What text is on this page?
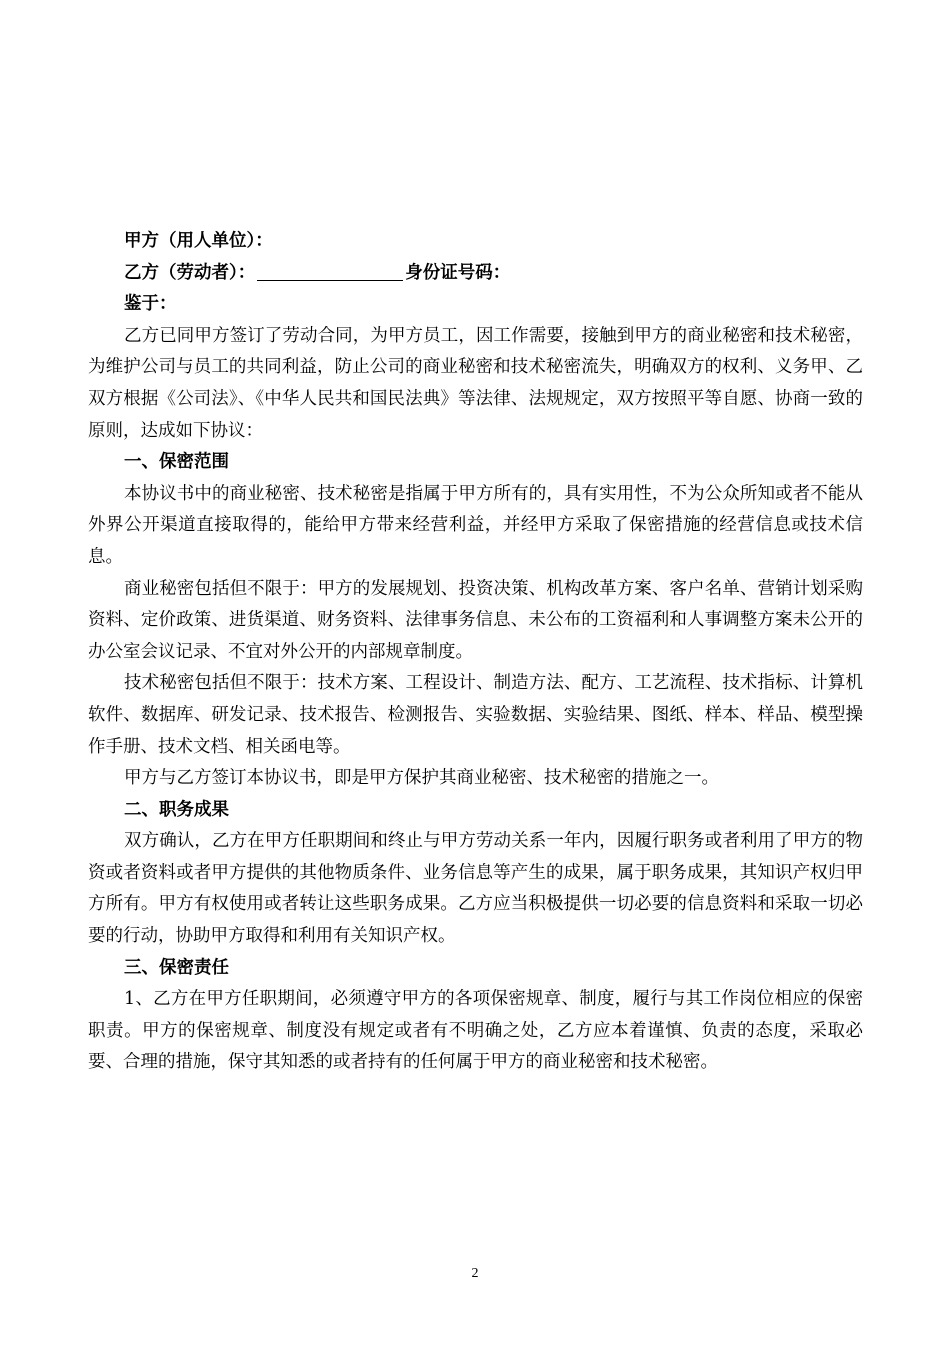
甲方（用人单位）：

乙方（劳动者）：	身份证号码：

鉴于：

乙方已同甲方签订了劳动合同，为甲方员工，因工作需要，接触到甲方的商业秘密和技术秘密，为维护公司与员工的共同利益，防止公司的商业秘密和技术秘密流失，明确双方的权利、义务甲、乙双方根据《公司法》、《中华人民共和国民法典》等法律、法规规定，双方按照平等自愿、协商一致的原则，达成如下协议：

一、保密范围

本协议书中的商业秘密、技术秘密是指属于甲方所有的，具有实用性，不为公众所知或者不能从外界公开渠道直接取得的，能给甲方带来经营利益，并经甲方采取了保密措施的经营信息或技术信息。

商业秘密包括但不限于：甲方的发展规划、投资决策、机构改革方案、客户名单、营销计划采购资料、定价政策、进货渠道、财务资料、法律事务信息、未公布的工资福利和人事调整方案未公开的办公室会议记录、不宜对外公开的内部规章制度。

技术秘密包括但不限于：技术方案、工程设计、制造方法、配方、工艺流程、技术指标、计算机软件、数据库、研发记录、技术报告、检测报告、实验数据、实验结果、图纸、样本、样品、模型操作手册、技术文档、相关函电等。

甲方与乙方签订本协议书，即是甲方保护其商业秘密、技术秘密的措施之一。

二、职务成果

双方确认，乙方在甲方任职期间和终止与甲方劳动关系一年内，因履行职务或者利用了甲方的物资或者资料或者甲方提供的其他物质条件、业务信息等产生的成果，属于职务成果，其知识产权归甲方所有。甲方有权使用或者转让这些职务成果。乙方应当积极提供一切必要的信息资料和采取一切必要的行动，协助甲方取得和利用有关知识产权。

三、保密责任

1、乙方在甲方任职期间，必须遵守甲方的各项保密规章、制度，履行与其工作岗位相应的保密职责。甲方的保密规章、制度没有规定或者有不明确之处，乙方应本着谨慎、负责的态度，采取必要、合理的措施，保守其知悉的或者持有的任何属于甲方的商业秘密和技术秘密。

2
